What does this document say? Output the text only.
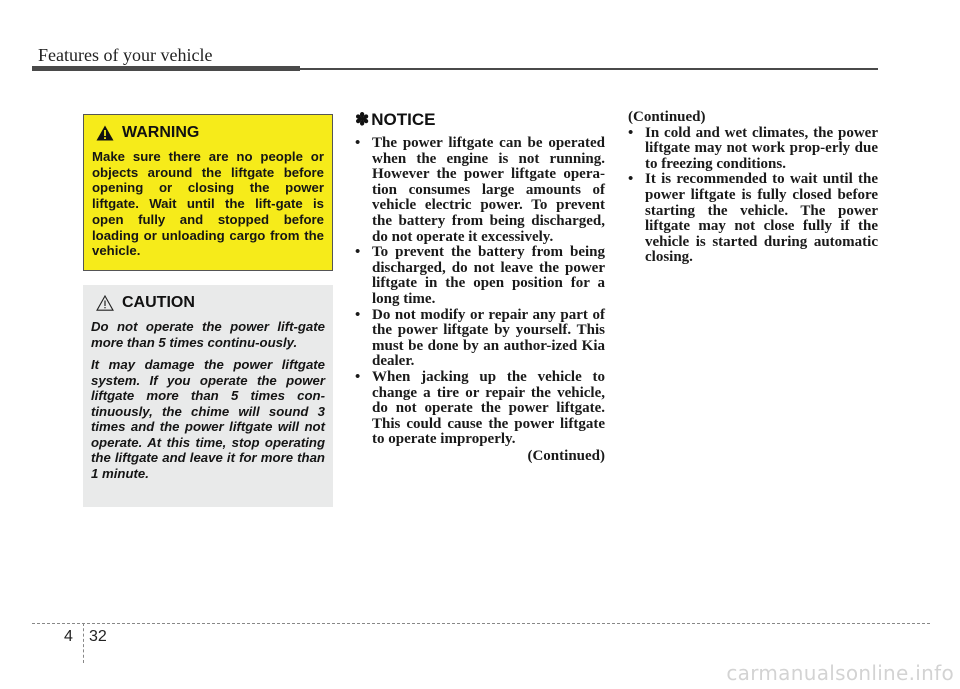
Features of your vehicle
WARNING
Make sure there are no people or objects around the liftgate before opening or closing the power liftgate. Wait until the lift-gate is open fully and stopped before loading or unloading cargo from the vehicle.
CAUTION

Do not operate the power lift-gate more than 5 times continu-ously.

It may damage the power liftgate system. If you operate the power liftgate more than 5 times con-tinuously, the chime will sound 3 times and the power liftgate will not operate. At this time, stop operating the liftgate and leave it for more than 1 minute.

✽ NOTICE
• The power liftgate can be operated when the engine is not running. However the power liftgate opera-tion consumes large amounts of vehicle electric power. To prevent the battery from being discharged, do not operate it excessively.
• To prevent the battery from being discharged, do not leave the power liftgate in the open position for a long time.
• Do not modify or repair any part of the power liftgate by yourself. This must be done by an author-ized Kia dealer.
• When jacking up the vehicle to change a tire or repair the vehicle, do not operate the power liftgate. This could cause the power liftgate to operate improperly.
(Continued)
(Continued)
• In cold and wet climates, the power liftgate may not work prop-erly due to freezing conditions.
• It is recommended to wait until the power liftgate is fully closed before starting the vehicle. The power liftgate may not close fully if the vehicle is started during automatic closing.
4 32
carmanualsonline.info
